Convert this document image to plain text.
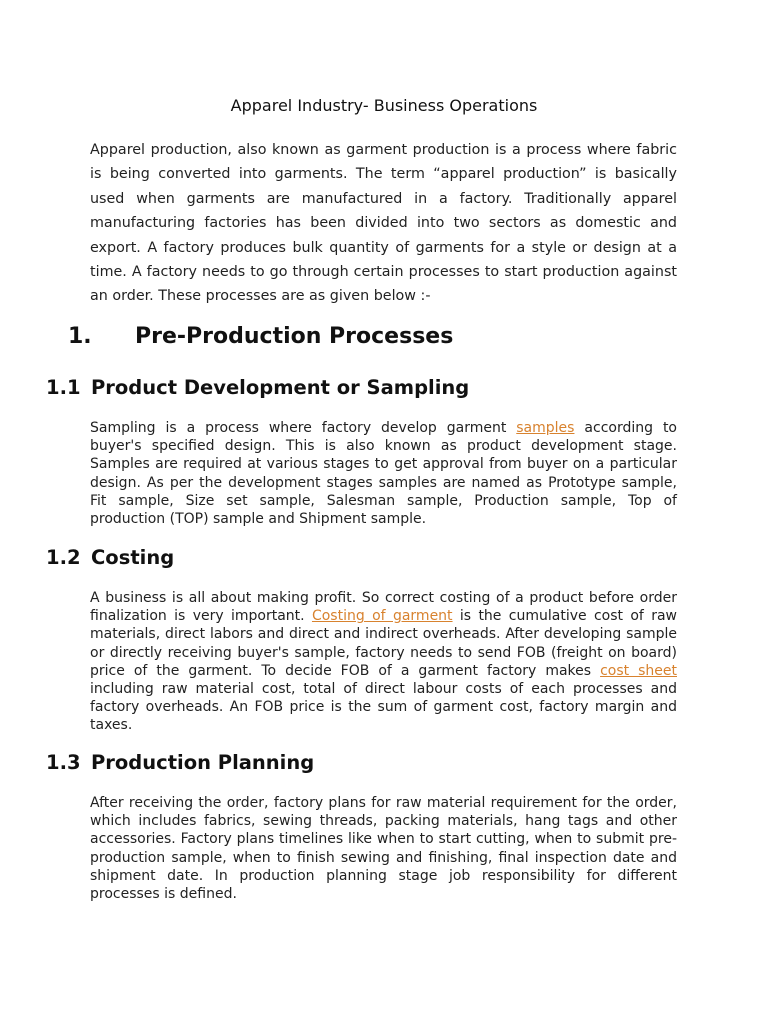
Apparel Industry- Business Operations

Apparel production, also known as garment production is a process where fabric is being converted into garments. The term “apparel production” is basically used when garments are manufactured in a factory. Traditionally apparel manufacturing factories has been divided into two sectors as domestic and export. A factory produces bulk quantity of garments for a style or design at a time. A factory needs to go through certain processes to start production against an order. These processes are as given below :-

1. Pre-Production Processes
1.1 Product Development or Sampling

Sampling is a process where factory develop garment samples according to buyer's specified design. This is also known as product development stage. Samples are required at various stages to get approval from buyer on a particular design. As per the development stages samples are named as Prototype sample, Fit sample, Size set sample, Salesman sample, Production sample, Top of production (TOP) sample and Shipment sample.

1.2 Costing

A business is all about making profit. So correct costing of a product before order finalization is very important. Costing of garment is the cumulative cost of raw materials, direct labors and direct and indirect overheads. After developing sample or directly receiving buyer's sample, factory needs to send FOB (freight on board) price of the garment. To decide FOB of a garment factory makes cost sheet including raw material cost, total of direct labour costs of each processes and factory overheads. An FOB price is the sum of garment cost, factory margin and taxes.

1.3 Production Planning

After receiving the order, factory plans for raw material requirement for the order, which includes fabrics, sewing threads, packing materials, hang tags and other accessories. Factory plans timelines like when to start cutting, when to submit pre-production sample, when to finish sewing and finishing, final inspection date and shipment date. In production planning stage job responsibility for different processes is defined.
